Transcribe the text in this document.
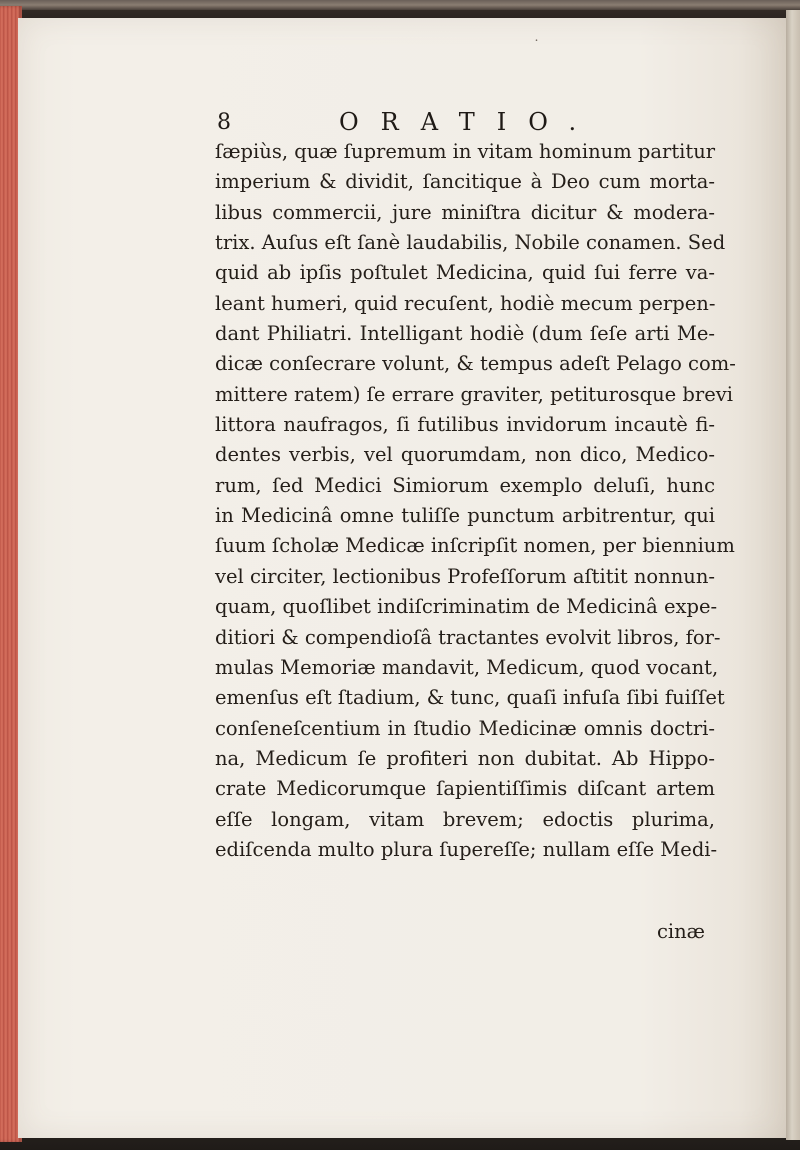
8	ORATIO.
ſæpiùs, quæ ſupremum in vitam hominum partitur
imperium & dividit, ſancitique à Deo cum morta-
libus commercii, jure miniſtra dicitur & modera-
trix. Auſus eſt ſanè laudabilis, Nobile conamen. Sed
quid ab ipſis poſtulet Medicina, quid ſui ferre va-
leant humeri, quid recuſent, hodiè mecum perpen-
dant Philiatri. Intelligant hodiè (dum ſeſe arti Me-
dicæ conſecrare volunt, & tempus adeſt Pelago com-
mittere ratem) ſe errare graviter, petiturosque brevi
littora naufragos, ſi futilibus invidorum incautè fi-
dentes verbis, vel quorumdam, non dico, Medico-
rum, ſed Medici Simiorum exemplo deluſi, hunc
in Medicinâ omne tuliſſe punctum arbitrentur, qui
ſuum ſcholæ Medicæ inſcripſit nomen, per biennium
vel circiter, lectionibus Profeſſorum aſtitit nonnun-
quam, quoſlibet indiſcriminatim de Medicinâ expe-
ditiori & compendioſâ tractantes evolvit libros, for-
mulas Memoriæ mandavit, Medicum, quod vocant,
emenſus eſt ſtadium, & tunc, quaſi infuſa ſibi fuiſſet
conſeneſcentium in ſtudio Medicinæ omnis doctri-
na, Medicum ſe profiteri non dubitat. Ab Hippo-
crate Medicorumque ſapientiſſimis diſcant artem
eſſe longam, vitam brevem; edoctis plurima,
ediſcenda multo plura ſupereſſe; nullam eſſe Medi-
cinæ
˙
